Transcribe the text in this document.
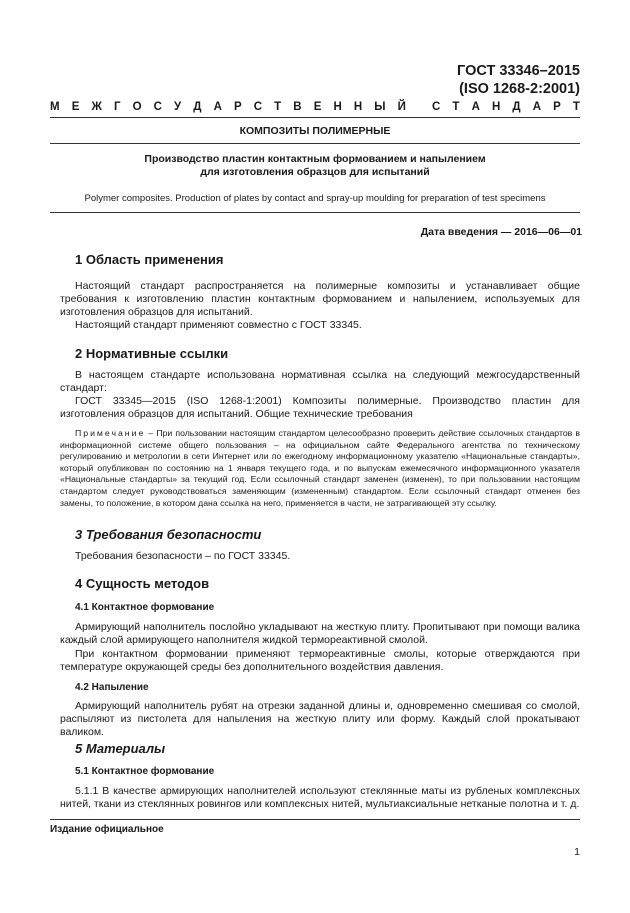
ГОСТ 33346–2015
(ISO 1268-2:2001)
М Е Ж Г О С У Д А Р С Т В Е Н Н Ы Й С Т А Н Д А Р Т
КОМПОЗИТЫ ПОЛИМЕРНЫЕ
Производство пластин контактным формованием и напылением
для изготовления образцов для испытаний
Polymer composites. Production of plates by contact and spray-up moulding for preparation of test specimens
Дата введения — 2016—06—01
1 Область применения

Настоящий стандарт распространяется на полимерные композиты и устанавливает общие требования к изготовлению пластин контактным формованием и напылением, используемых для изготовления образцов для испытаний.

Настоящий стандарт применяют совместно с ГОСТ 33345.

2 Нормативные ссылки

В настоящем стандарте использована нормативная ссылка на следующий межгосударственный стандарт:

ГОСТ 33345—2015 (ISO 1268-1:2001) Композиты полимерные. Производство пластин для изготовления образцов для испытаний. Общие технические требования

Примечание – При пользовании настоящим стандартом целесообразно проверить действие ссылочных стандартов в информационной системе общего пользования – на официальном сайте Федерального агентства по техническому регулированию и метрологии в сети Интернет или по ежегодному информационному указателю «Национальные стандарты», который опубликован по состоянию на 1 января текущего года, и по выпускам ежемесячного информационного указателя «Национальные стандарты» за текущий год. Если ссылочный стандарт заменен (изменен), то при пользовании настоящим стандартом следует руководствоваться заменяющим (измененным) стандартом. Если ссылочный стандарт отменен без замены, то положение, в котором дана ссылка на него, применяется в части, не затрагивающей эту ссылку.

3 Требования безопасности

Требования безопасности – по ГОСТ 33345.

4 Сущность методов
4.1 Контактное формование

Армирующий наполнитель послойно укладывают на жесткую плиту. Пропитывают при помощи валика каждый слой армирующего наполнителя жидкой термореактивной смолой.

При контактном формовании применяют термореактивные смолы, которые отверждаются при температуре окружающей среды без дополнительного воздействия давления.

4.2 Напыление

Армирующий наполнитель рубят на отрезки заданной длины и, одновременно смешивая со смолой, распыляют из пистолета для напыления на жесткую плиту или форму. Каждый слой прокатывают валиком.

5 Материалы
5.1 Контактное формование

5.1.1 В качестве армирующих наполнителей используют стеклянные маты из рубленых комплексных нитей, ткани из стеклянных ровингов или комплексных нитей, мультиаксиальные нетканые полотна и т. д.

Издание официальное
1
